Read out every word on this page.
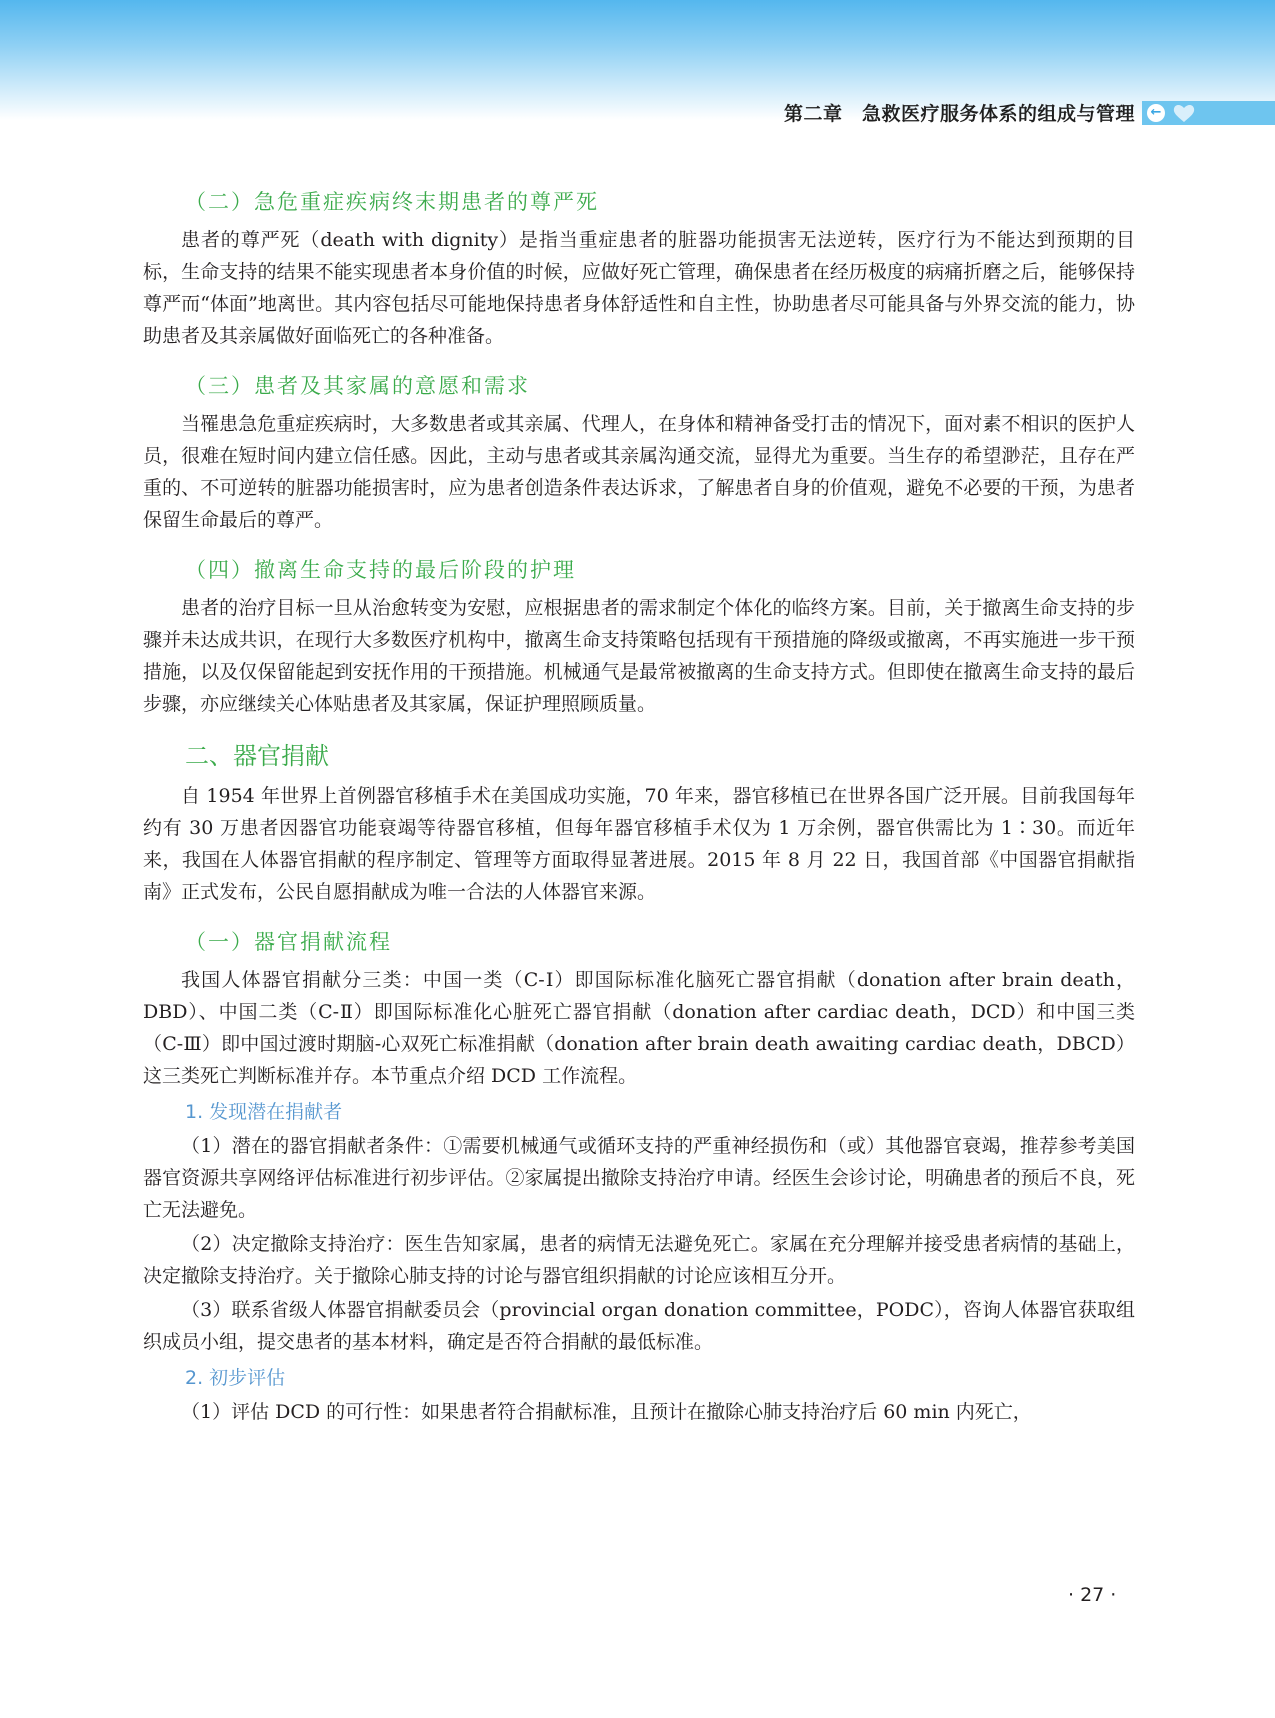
第二章　急救医疗服务体系的组成与管理 ←
（二）急危重症疾病终末期患者的尊严死

患者的尊严死（death with dignity）是指当重症患者的脏器功能损害无法逆转，医疗行为不能达到预期的目标，生命支持的结果不能实现患者本身价值的时候，应做好死亡管理，确保患者在经历极度的病痛折磨之后，能够保持尊严而“体面”地离世。其内容包括尽可能地保持患者身体舒适性和自主性，协助患者尽可能具备与外界交流的能力，协助患者及其亲属做好面临死亡的各种准备。

（三）患者及其家属的意愿和需求

当罹患急危重症疾病时，大多数患者或其亲属、代理人，在身体和精神备受打击的情况下，面对素不相识的医护人员，很难在短时间内建立信任感。因此，主动与患者或其亲属沟通交流，显得尤为重要。当生存的希望渺茫，且存在严重的、不可逆转的脏器功能损害时，应为患者创造条件表达诉求，了解患者自身的价值观，避免不必要的干预，为患者保留生命最后的尊严。

（四）撤离生命支持的最后阶段的护理

患者的治疗目标一旦从治愈转变为安慰，应根据患者的需求制定个体化的临终方案。目前，关于撤离生命支持的步骤并未达成共识，在现行大多数医疗机构中，撤离生命支持策略包括现有干预措施的降级或撤离，不再实施进一步干预措施，以及仅保留能起到安抚作用的干预措施。机械通气是最常被撤离的生命支持方式。但即使在撤离生命支持的最后步骤，亦应继续关心体贴患者及其家属，保证护理照顾质量。

二、器官捐献

自 1954 年世界上首例器官移植手术在美国成功实施，70 年来，器官移植已在世界各国广泛开展。目前我国每年约有 30 万患者因器官功能衰竭等待器官移植，但每年器官移植手术仅为 1 万余例，器官供需比为 1∶30。而近年来，我国在人体器官捐献的程序制定、管理等方面取得显著进展。2015 年 8 月 22 日，我国首部《中国器官捐献指南》正式发布，公民自愿捐献成为唯一合法的人体器官来源。

（一）器官捐献流程

我国人体器官捐献分三类：中国一类（C-Ⅰ）即国际标准化脑死亡器官捐献（donation after brain death，DBD）、中国二类（C-Ⅱ）即国际标准化心脏死亡器官捐献（donation after cardiac death，DCD）和中国三类（C-Ⅲ）即中国过渡时期脑-心双死亡标准捐献（donation after brain death awaiting cardiac death，DBCD）这三类死亡判断标准并存。本节重点介绍 DCD 工作流程。

1. 发现潜在捐献者

（1）潜在的器官捐献者条件：①需要机械通气或循环支持的严重神经损伤和（或）其他器官衰竭，推荐参考美国器官资源共享网络评估标准进行初步评估。②家属提出撤除支持治疗申请。经医生会诊讨论，明确患者的预后不良，死亡无法避免。

（2）决定撤除支持治疗：医生告知家属，患者的病情无法避免死亡。家属在充分理解并接受患者病情的基础上，决定撤除支持治疗。关于撤除心肺支持的讨论与器官组织捐献的讨论应该相互分开。

（3）联系省级人体器官捐献委员会（provincial organ donation committee，PODC），咨询人体器官获取组织成员小组，提交患者的基本材料，确定是否符合捐献的最低标准。

2. 初步评估

（1）评估 DCD 的可行性：如果患者符合捐献标准，且预计在撤除心肺支持治疗后 60 min 内死亡，

· 27 ·
